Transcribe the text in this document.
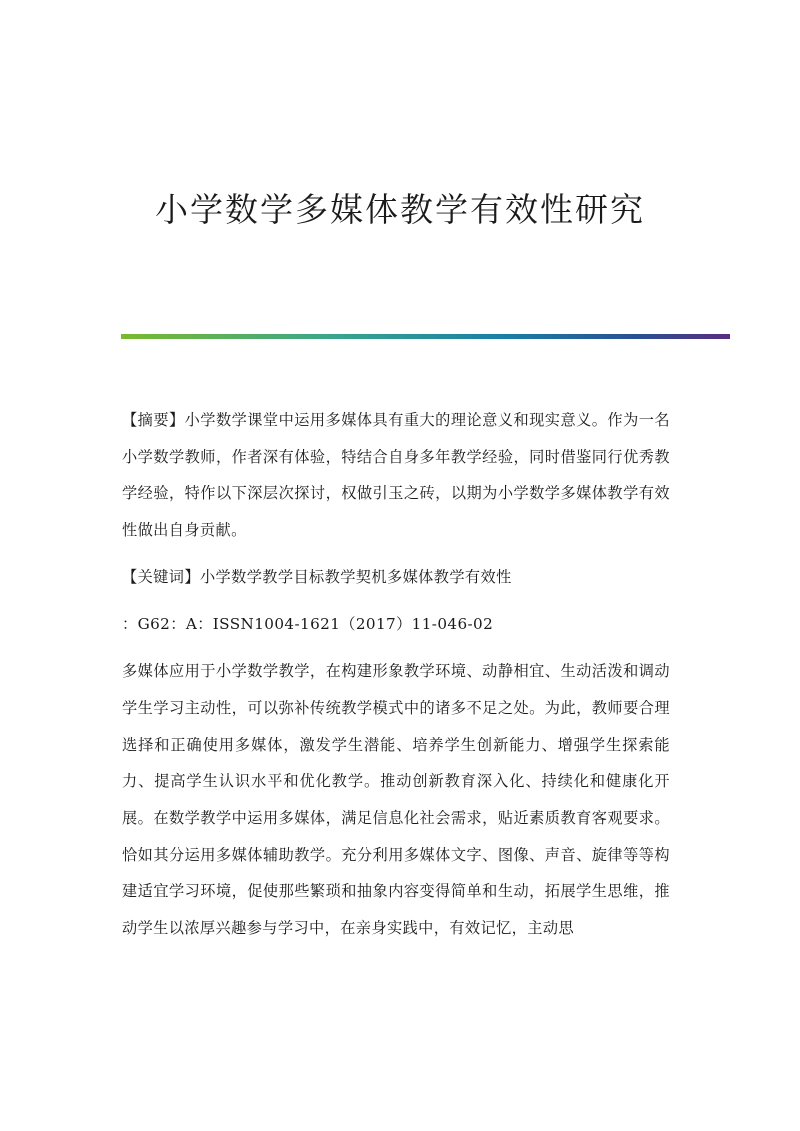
小学数学多媒体教学有效性研究

【摘要】小学数学课堂中运用多媒体具有重大的理论意义和现实意义。作为一名小学数学教师，作者深有体验，特结合自身多年教学经验，同时借鉴同行优秀教学经验，特作以下深层次探讨，权做引玉之砖，以期为小学数学多媒体教学有效性做出自身贡献。

【关键词】小学数学教学目标教学契机多媒体教学有效性

：G62：A：ISSN1004-1621（2017）11-046-02

多媒体应用于小学数学教学，在构建形象教学环境、动静相宜、生动活泼和调动学生学习主动性，可以弥补传统教学模式中的诸多不足之处。为此，教师要合理选择和正确使用多媒体，激发学生潜能、培养学生创新能力、增强学生探索能力、提高学生认识水平和优化教学。推动创新教育深入化、持续化和健康化开展。在数学教学中运用多媒体，满足信息化社会需求，贴近素质教育客观要求。恰如其分运用多媒体辅助教学。充分利用多媒体文字、图像、声音、旋律等等构建适宜学习环境，促使那些繁琐和抽象内容变得简单和生动，拓展学生思维，推动学生以浓厚兴趣参与学习中，在亲身实践中，有效记忆，主动思
